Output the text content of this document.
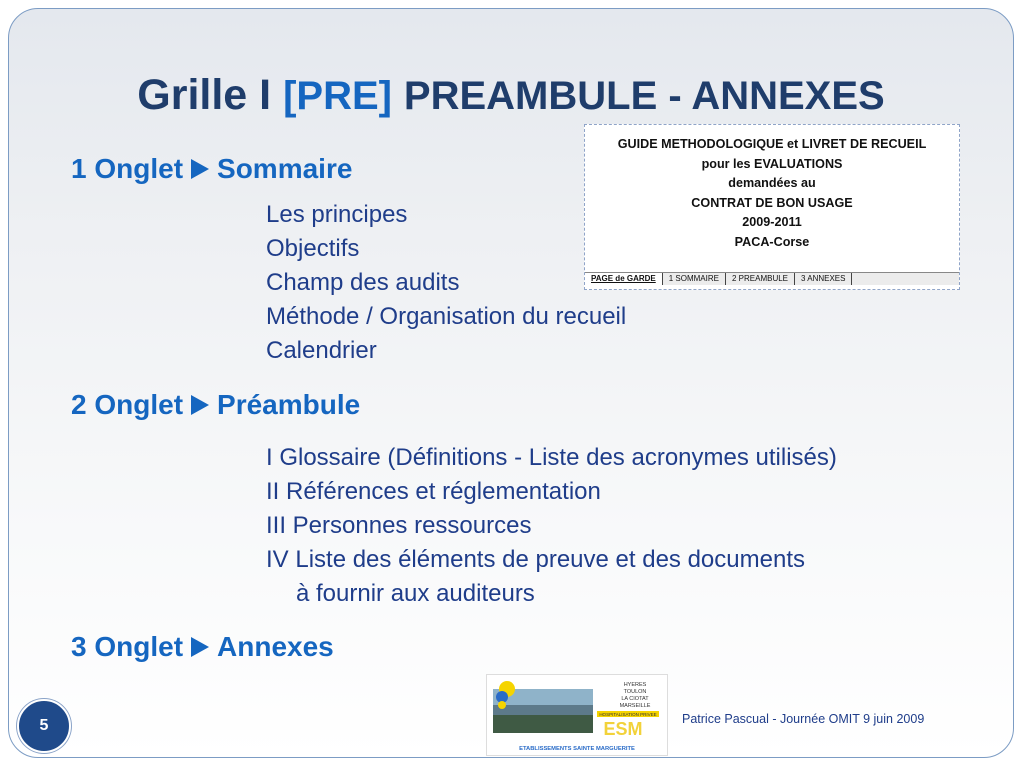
Grille I [PRE] PREAMBULE - ANNEXES
1 Onglet Sommaire
Les principes
Objectifs
Champ des audits
Méthode / Organisation du recueil
Calendrier
2 Onglet Préambule
I Glossaire (Définitions - Liste des acronymes utilisés)
II Références et réglementation
III Personnes ressources
IV Liste des éléments de preuve et des documents
à fournir aux auditeurs
3 Onglet Annexes
GUIDE METHODOLOGIQUE et LIVRET DE RECUEIL
pour les EVALUATIONS
demandées au
CONTRAT DE BON USAGE
2009-2011
PACA-Corse
PAGE de GARDE	1 SOMMAIRE	2 PREAMBULE	3 ANNEXES
HYERES
TOULON
LA CIOTAT
MARSEILLE
HOSPITALISATION PRIVEE
ESM
ETABLISSEMENTS SAINTE MARGUERITE
5	Patrice Pascual - Journée OMIT 9 juin 2009
